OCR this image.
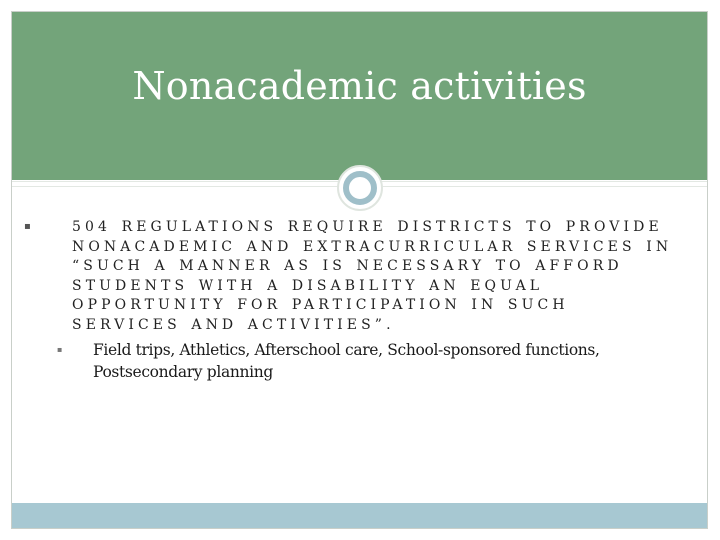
Nonacademic activities
▪	504 REGULATIONS REQUIRE DISTRICTS TO PROVIDE NONACADEMIC AND EXTRACURRICULAR SERVICES IN “SUCH A MANNER AS IS NECESSARY TO AFFORD STUDENTS WITH A DISABILITY AN EQUAL OPPORTUNITY FOR PARTICIPATION IN SUCH SERVICES AND ACTIVITIES”.

▪ Field trips, Athletics, Afterschool care, School-sponsored functions, Postsecondary planning
